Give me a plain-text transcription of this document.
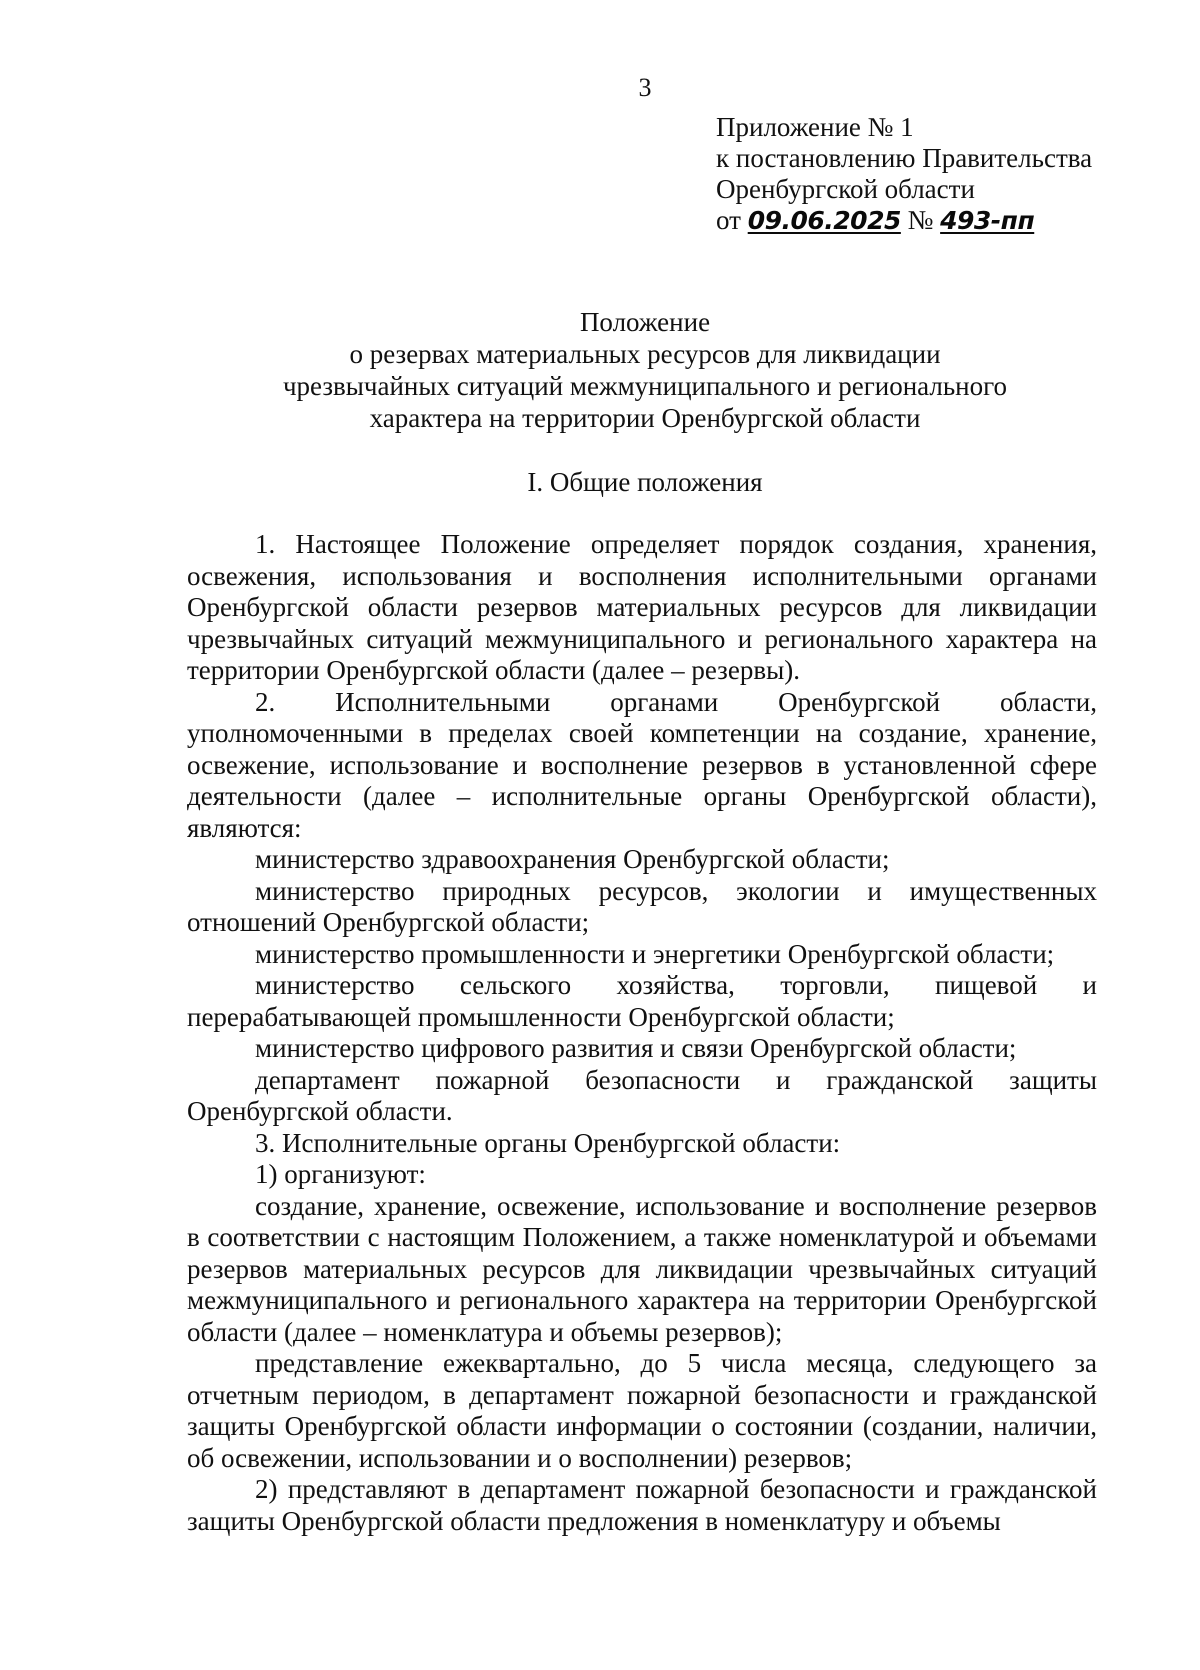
3
Приложение № 1
к постановлению Правительства
Оренбургской области
от 09.06.2025 № 493-пп
Положение
о резервах материальных ресурсов для ликвидации
чрезвычайных ситуаций межмуниципального и регионального
характера на территории Оренбургской области
I. Общие положения

1. Настоящее Положение определяет порядок создания, хранения, освежения, использования и восполнения исполнительными органами Оренбургской области резервов материальных ресурсов для ликвидации чрезвычайных ситуаций межмуниципального и регионального характера на территории Оренбургской области (далее – резервы).

2. Исполнительными органами Оренбургской области, уполномоченными в пределах своей компетенции на создание, хранение, освежение, использование и восполнение резервов в установленной сфере деятельности (далее – исполнительные органы Оренбургской области), являются:

министерство здравоохранения Оренбургской области;

министерство природных ресурсов, экологии и имущественных отношений Оренбургской области;

министерство промышленности и энергетики Оренбургской области;

министерство сельского хозяйства, торговли, пищевой и перерабатывающей промышленности Оренбургской области;

министерство цифрового развития и связи Оренбургской области;

департамент пожарной безопасности и гражданской защиты Оренбургской области.

3. Исполнительные органы Оренбургской области:

1) организуют:

создание, хранение, освежение, использование и восполнение резервов в соответствии с настоящим Положением, а также номенклатурой и объемами резервов материальных ресурсов для ликвидации чрезвычайных ситуаций межмуниципального и регионального характера на территории Оренбургской области (далее – номенклатура и объемы резервов);

представление ежеквартально, до 5 числа месяца, следующего за отчетным периодом, в департамент пожарной безопасности и гражданской защиты Оренбургской области информации о состоянии (создании, наличии, об освежении, использовании и о восполнении) резервов;

2) представляют в департамент пожарной безопасности и гражданской защиты Оренбургской области предложения в номенклатуру и объемы
